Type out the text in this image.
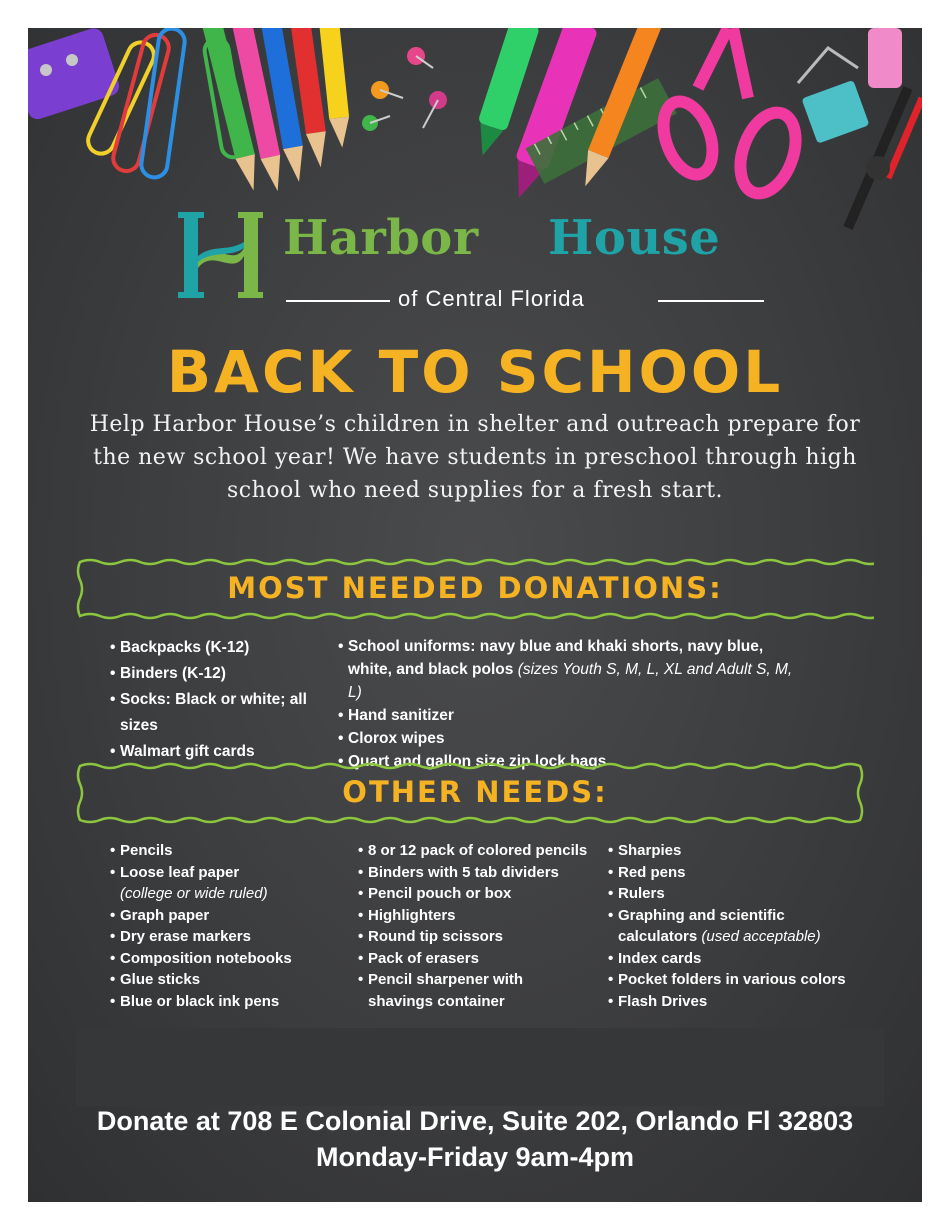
Harbor House
of Central Florida
BACK TO SCHOOL
Help Harbor House’s children in shelter and outreach prepare for the new school year! We have students in preschool through high school who need supplies for a fresh start.
MOST NEEDED DONATIONS:
• Backpacks (K-12)
• Binders (K-12)
• Socks: Black or white; all sizes
• Walmart gift cards
• School uniforms: navy blue and khaki shorts, navy blue, white, and black polos (sizes Youth S, M, L, XL and Adult S, M, L)
• Hand sanitizer
• Clorox wipes
• Quart and gallon size zip lock bags
OTHER NEEDS:
• Pencils
• Loose leaf paper
(college or wide ruled)
• Graph paper
• Dry erase markers
• Composition notebooks
• Glue sticks
• Blue or black ink pens
• 8 or 12 pack of colored pencils
• Binders with 5 tab dividers
• Pencil pouch or box
• Highlighters
• Round tip scissors
• Pack of erasers
• Pencil sharpener with shavings container
• Sharpies
• Red pens
• Rulers
• Graphing and scientific calculators (used acceptable)
• Index cards
• Pocket folders in various colors
• Flash Drives
Donate at 708 E Colonial Drive, Suite 202, Orlando Fl 32803
Monday-Friday 9am-4pm
